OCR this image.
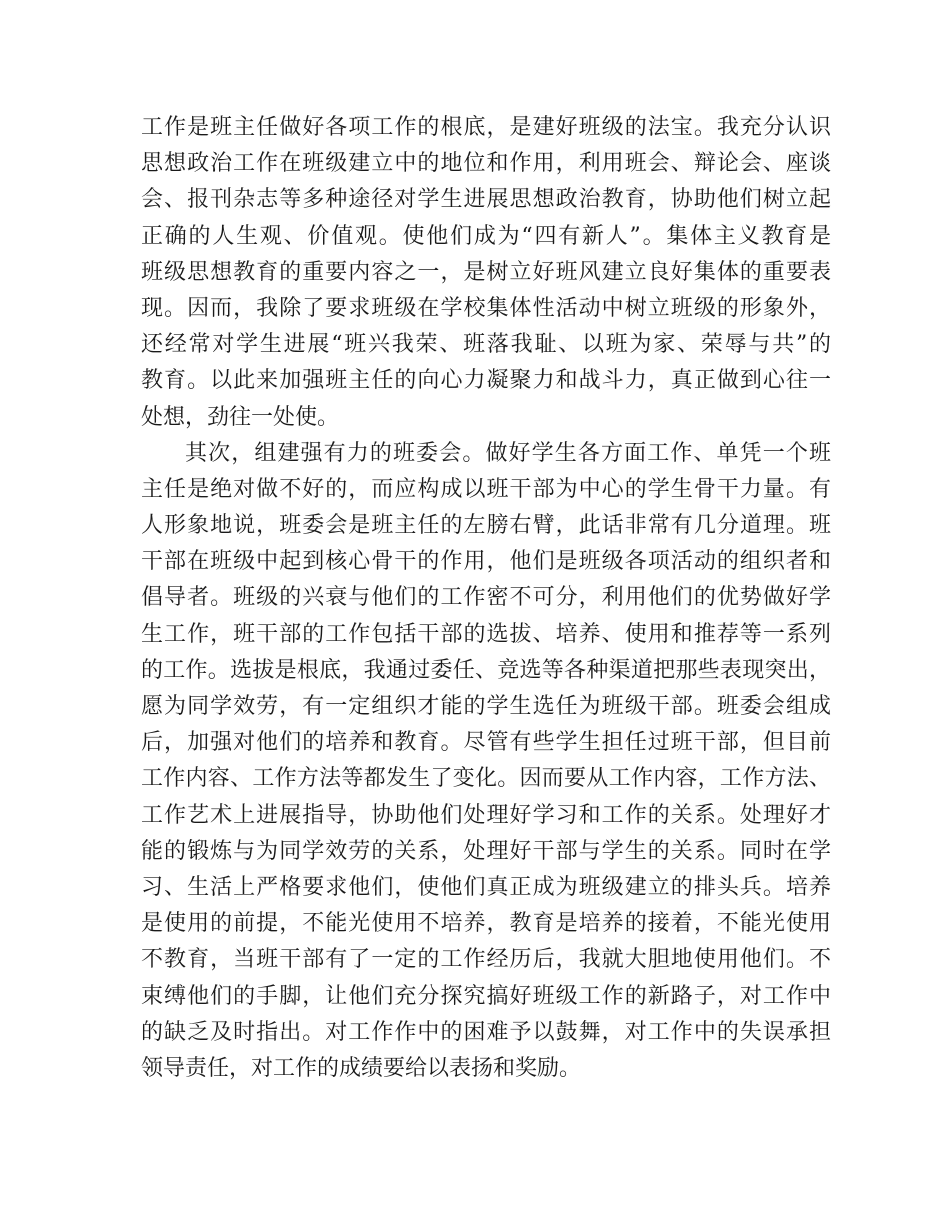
工作是班主任做好各项工作的根底，是建好班级的法宝。我充分认识
思想政治工作在班级建立中的地位和作用，利用班会、辩论会、座谈
会、报刊杂志等多种途径对学生进展思想政治教育，协助他们树立起
正确的人生观、价值观。使他们成为“四有新人”。集体主义教育是
班级思想教育的重要内容之一，是树立好班风建立良好集体的重要表
现。因而，我除了要求班级在学校集体性活动中树立班级的形象外，
还经常对学生进展“班兴我荣、班落我耻、以班为家、荣辱与共”的
教育。以此来加强班主任的向心力凝聚力和战斗力，真正做到心往一
处想，劲往一处使。
其次，组建强有力的班委会。做好学生各方面工作、单凭一个班
主任是绝对做不好的，而应构成以班干部为中心的学生骨干力量。有
人形象地说，班委会是班主任的左膀右臂，此话非常有几分道理。班
干部在班级中起到核心骨干的作用，他们是班级各项活动的组织者和
倡导者。班级的兴衰与他们的工作密不可分，利用他们的优势做好学
生工作，班干部的工作包括干部的选拔、培养、使用和推荐等一系列
的工作。选拔是根底，我通过委任、竞选等各种渠道把那些表现突出，
愿为同学效劳，有一定组织才能的学生选任为班级干部。班委会组成
后，加强对他们的培养和教育。尽管有些学生担任过班干部，但目前
工作内容、工作方法等都发生了变化。因而要从工作内容，工作方法、
工作艺术上进展指导，协助他们处理好学习和工作的关系。处理好才
能的锻炼与为同学效劳的关系，处理好干部与学生的关系。同时在学
习、生活上严格要求他们，使他们真正成为班级建立的排头兵。培养
是使用的前提，不能光使用不培养，教育是培养的接着，不能光使用
不教育，当班干部有了一定的工作经历后，我就大胆地使用他们。不
束缚他们的手脚，让他们充分探究搞好班级工作的新路子，对工作中
的缺乏及时指出。对工作作中的困难予以鼓舞，对工作中的失误承担
领导责任，对工作的成绩要给以表扬和奖励。
